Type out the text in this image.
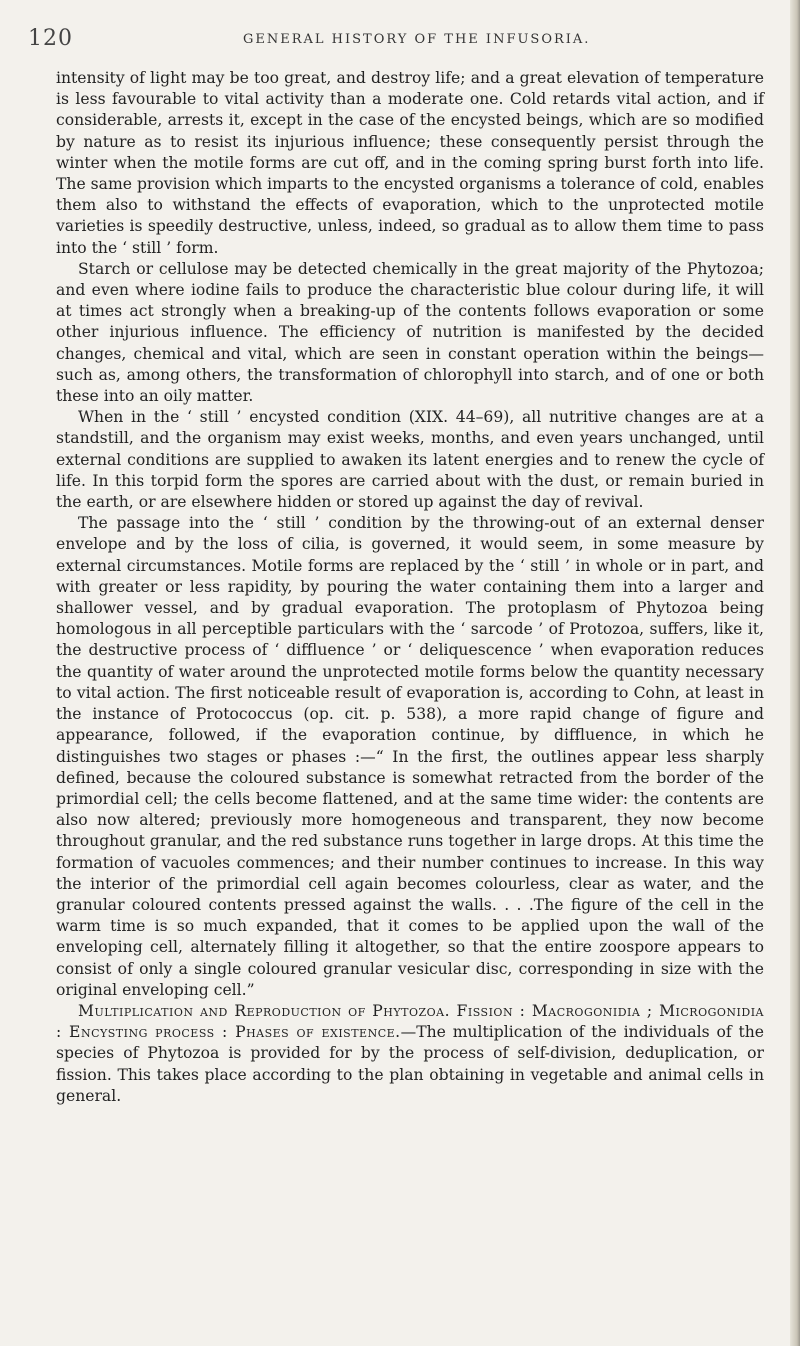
120	GENERAL HISTORY OF THE INFUSORIA.

intensity of light may be too great, and destroy life; and a great elevation of temperature is less favourable to vital activity than a moderate one. Cold retards vital action, and if considerable, arrests it, except in the case of the encysted beings, which are so modified by nature as to resist its injurious influence; these consequently persist through the winter when the motile forms are cut off, and in the coming spring burst forth into life. The same provision which imparts to the encysted organisms a tolerance of cold, enables them also to withstand the effects of evaporation, which to the unprotected motile varieties is speedily destructive, unless, indeed, so gradual as to allow them time to pass into the ‘ still ’ form.

Starch or cellulose may be detected chemically in the great majority of the Phytozoa; and even where iodine fails to produce the characteristic blue colour during life, it will at times act strongly when a breaking-up of the contents follows evaporation or some other injurious influence. The efficiency of nutrition is manifested by the decided changes, chemical and vital, which are seen in constant operation within the beings—such as, among others, the transformation of chlorophyll into starch, and of one or both these into an oily matter.

When in the ‘ still ’ encysted condition (XIX. 44–69), all nutritive changes are at a standstill, and the organism may exist weeks, months, and even years unchanged, until external conditions are supplied to awaken its latent energies and to renew the cycle of life. In this torpid form the spores are carried about with the dust, or remain buried in the earth, or are elsewhere hidden or stored up against the day of revival.

The passage into the ‘ still ’ condition by the throwing-out of an external denser envelope and by the loss of cilia, is governed, it would seem, in some measure by external circumstances. Motile forms are replaced by the ‘ still ’ in whole or in part, and with greater or less rapidity, by pouring the water containing them into a larger and shallower vessel, and by gradual evaporation. The protoplasm of Phytozoa being homologous in all perceptible particulars with the ‘ sarcode ’ of Protozoa, suffers, like it, the destructive process of ‘ diffluence ’ or ‘ deliquescence ’ when evaporation reduces the quantity of water around the unprotected motile forms below the quantity necessary to vital action. The first noticeable result of evaporation is, according to Cohn, at least in the instance of Protococcus (op. cit. p. 538), a more rapid change of figure and appearance, followed, if the evaporation continue, by diffluence, in which he distinguishes two stages or phases :—“ In the first, the outlines appear less sharply defined, because the coloured substance is somewhat retracted from the border of the primordial cell; the cells become flattened, and at the same time wider: the contents are also now altered; previously more homogeneous and transparent, they now become throughout granular, and the red substance runs together in large drops. At this time the formation of vacuoles commences; and their number continues to increase. In this way the interior of the primordial cell again becomes colourless, clear as water, and the granular coloured contents pressed against the walls. . . .The figure of the cell in the warm time is so much expanded, that it comes to be applied upon the wall of the enveloping cell, alternately filling it altogether, so that the entire zoospore appears to consist of only a single coloured granular vesicular disc, corresponding in size with the original enveloping cell.”

Multiplication and Reproduction of Phytozoa. Fission : Macrogonidia ; Microgonidia : Encysting process : Phases of existence.—The multiplication of the individuals of the species of Phytozoa is provided for by the process of self-division, deduplication, or fission. This takes place according to the plan obtaining in vegetable and animal cells in general.
